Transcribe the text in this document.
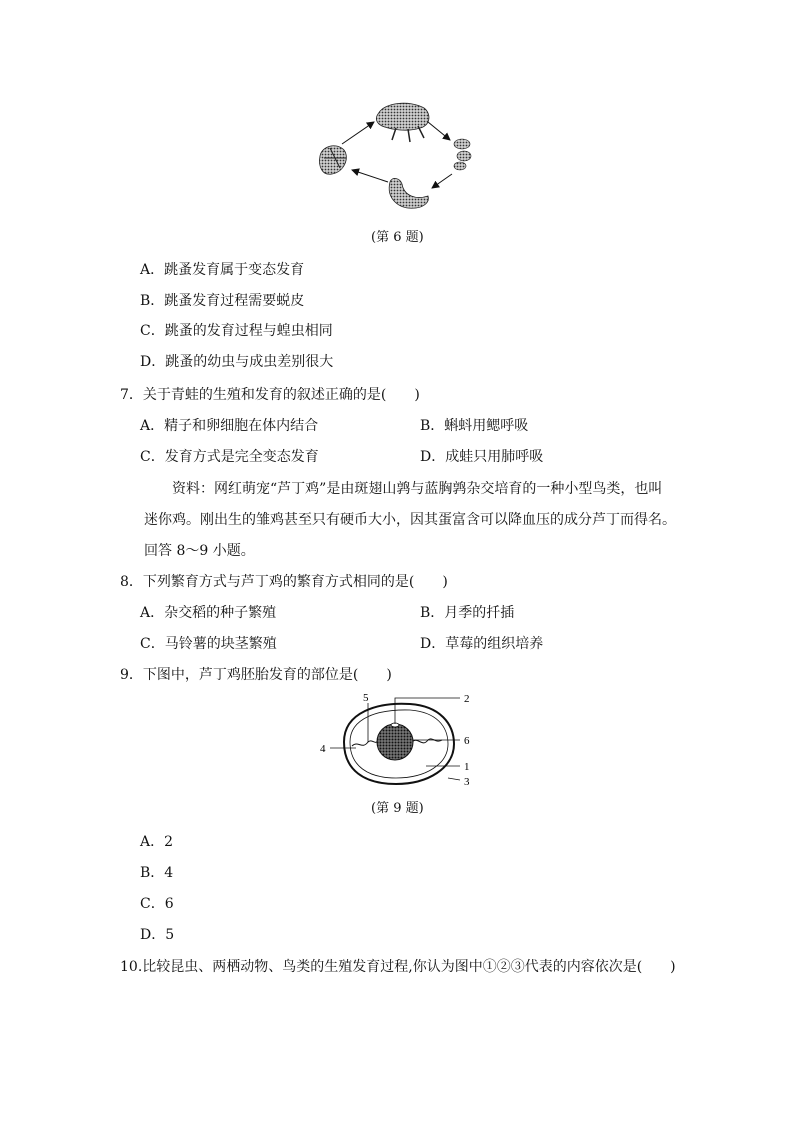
(第 6 题)
A．跳蚤发育属于变态发育
B．跳蚤发育过程需要蜕皮
C．跳蚤的发育过程与蝗虫相同
D．跳蚤的幼虫与成虫差别很大
7．关于青蛙的生殖和发育的叙述正确的是(　　)
A．精子和卵细胞在体内结合	B．蝌蚪用鳃呼吸
C．发育方式是完全变态发育	D．成蛙只用肺呼吸
资料：网红萌宠“芦丁鸡”是由斑翅山鹑与蓝胸鹑杂交培育的一种小型鸟类，也叫
迷你鸡。刚出生的雏鸡甚至只有硬币大小，因其蛋富含可以降血压的成分芦丁而得名。
回答 8～9 小题。
8．下列繁育方式与芦丁鸡的繁育方式相同的是(　　)
A．杂交稻的种子繁殖	B．月季的扦插
C．马铃薯的块茎繁殖	D．草莓的组织培养
9．下图中，芦丁鸡胚胎发育的部位是(　　)
2
6
1
3
4
5
(第 9 题)
A．2
B．4
C．6
D．5
10.比较昆虫、两栖动物、鸟类的生殖发育过程,你认为图中①②③代表的内容依次是(　　)
